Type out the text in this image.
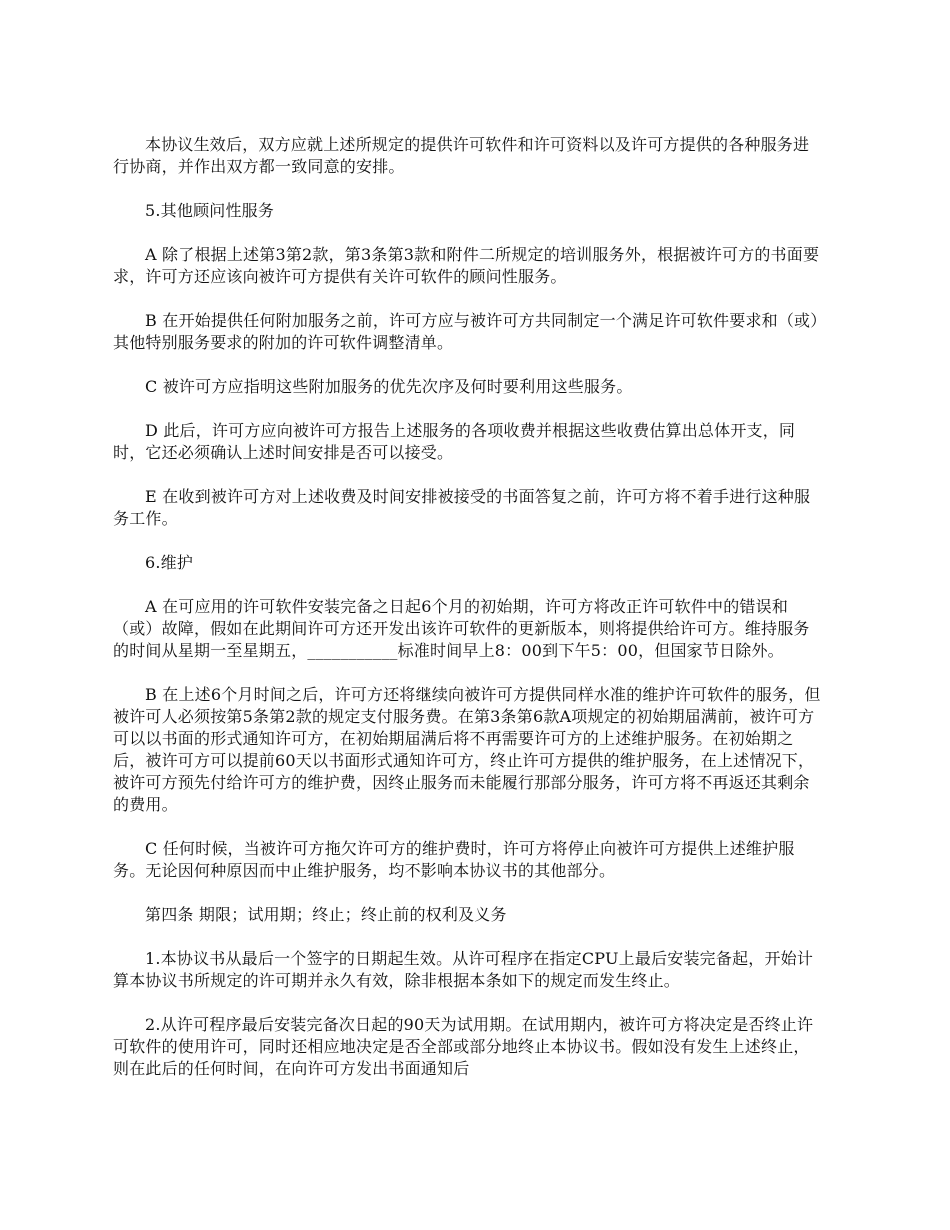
本协议生效后，双方应就上述所规定的提供许可软件和许可资料以及许可方提供的各种服务进行协商，并作出双方都一致同意的安排。

5.其他顾问性服务

A 除了根据上述第3第2款，第3条第3款和附件二所规定的培训服务外，根据被许可方的书面要求，许可方还应该向被许可方提供有关许可软件的顾问性服务。

B 在开始提供任何附加服务之前，许可方应与被许可方共同制定一个满足许可软件要求和（或）其他特别服务要求的附加的许可软件调整清单。

C 被许可方应指明这些附加服务的优先次序及何时要利用这些服务。

D 此后，许可方应向被许可方报告上述服务的各项收费并根据这些收费估算出总体开支，同时，它还必须确认上述时间安排是否可以接受。

E 在收到被许可方对上述收费及时间安排被接受的书面答复之前，许可方将不着手进行这种服务工作。

6.维护

A 在可应用的许可软件安装完备之日起6个月的初始期，许可方将改正许可软件中的错误和（或）故障，假如在此期间许可方还开发出该许可软件的更新版本，则将提供给许可方。维持服务的时间从星期一至星期五，___________标准时间早上8：00到下午5：00，但国家节日除外。

B 在上述6个月时间之后，许可方还将继续向被许可方提供同样水准的维护许可软件的服务，但被许可人必须按第5条第2款的规定支付服务费。在第3条第6款A项规定的初始期届满前，被许可方可以以书面的形式通知许可方，在初始期届满后将不再需要许可方的上述维护服务。在初始期之后，被许可方可以提前60天以书面形式通知许可方，终止许可方提供的维护服务，在上述情况下，被许可方预先付给许可方的维护费，因终止服务而未能履行那部分服务，许可方将不再返还其剩余的费用。

C 任何时候，当被许可方拖欠许可方的维护费时，许可方将停止向被许可方提供上述维护服务。无论因何种原因而中止维护服务，均不影响本协议书的其他部分。

第四条 期限；试用期；终止；终止前的权利及义务

1.本协议书从最后一个签字的日期起生效。从许可程序在指定CPU上最后安装完备起，开始计算本协议书所规定的许可期并永久有效，除非根据本条如下的规定而发生终止。

2.从许可程序最后安装完备次日起的90天为试用期。在试用期内，被许可方将决定是否终止许可软件的使用许可，同时还相应地决定是否全部或部分地终止本协议书。假如没有发生上述终止，则在此后的任何时间，在向许可方发出书面通知后
